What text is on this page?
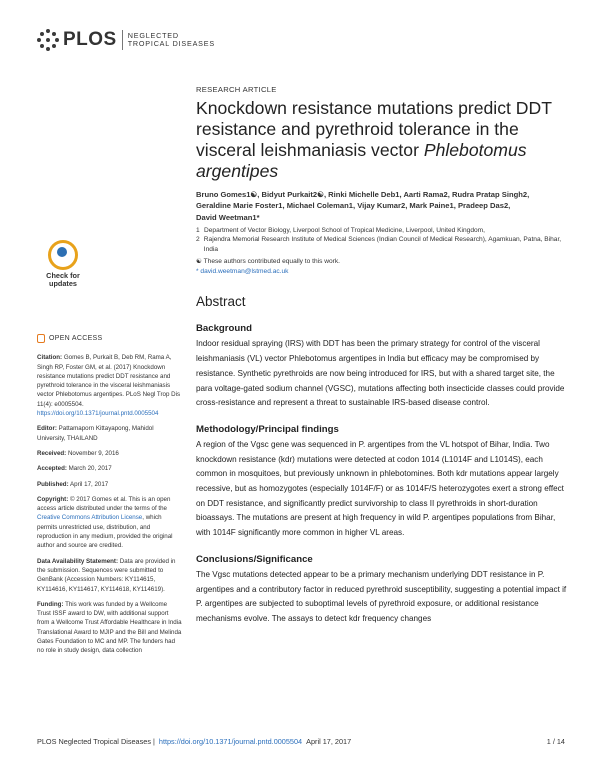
PLOS NEGLECTED
TROPICAL DISEASES
Check for
updates
OPEN ACCESS

Citation: Gomes B, Purkait B, Deb RM, Rama A, Singh RP, Foster GM, et al. (2017) Knockdown resistance mutations predict DDT resistance and pyrethroid tolerance in the visceral leishmaniasis vector Phlebotomus argentipes. PLoS Negl Trop Dis 11(4): e0005504. https://doi.org/10.1371/journal.pntd.0005504

Editor: Pattamaporn Kittayapong, Mahidol University, THAILAND

Received: November 9, 2016

Accepted: March 20, 2017

Published: April 17, 2017

Copyright: © 2017 Gomes et al. This is an open access article distributed under the terms of the Creative Commons Attribution License, which permits unrestricted use, distribution, and reproduction in any medium, provided the original author and source are credited.

Data Availability Statement: Data are provided in the submission. Sequences were submitted to GenBank (Accession Numbers: KY114615, KY114616, KY114617, KY114618, KY114619).

Funding: This work was funded by a Wellcome Trust ISSF award to DW, with additional support from a Wellcome Trust Affordable Healthcare in India Translational Award to MJIP and the Bill and Melinda Gates Foundation to MC and MP. The funders had no role in study design, data collection

RESEARCH ARTICLE
Knockdown resistance mutations predict DDT resistance and pyrethroid tolerance in the visceral leishmaniasis vector Phlebotomus argentipes
Bruno Gomes1☯, Bidyut Purkait2☯, Rinki Michelle Deb1, Aarti Rama2, Rudra Pratap Singh2,
Geraldine Marie Foster1, Michael Coleman1, Vijay Kumar2, Mark Paine1, Pradeep Das2,
David Weetman1*
1 Department of Vector Biology, Liverpool School of Tropical Medicine, Liverpool, United Kingdom,
2 Rajendra Memorial Research Institute of Medical Sciences (Indian Council of Medical Research), Agamkuan, Patna, Bihar, India
☯ These authors contributed equally to this work.
* david.weetman@lstmed.ac.uk
Abstract
Background
Indoor residual spraying (IRS) with DDT has been the primary strategy for control of the visceral leishmaniasis (VL) vector Phlebotomus argentipes in India but efficacy may be compromised by resistance. Synthetic pyrethroids are now being introduced for IRS, but with a shared target site, the para voltage-gated sodium channel (VGSC), mutations affecting both insecticide classes could provide cross-resistance and represent a threat to sustainable IRS-based disease control.
Methodology/Principal findings
A region of the Vgsc gene was sequenced in P. argentipes from the VL hotspot of Bihar, India. Two knockdown resistance (kdr) mutations were detected at codon 1014 (L1014F and L1014S), each common in mosquitoes, but previously unknown in phlebotomines. Both kdr mutations appear largely recessive, but as homozygotes (especially 1014F/F) or as 1014F/S heterozygotes exert a strong effect on DDT resistance, and significantly predict survivorship to class II pyrethroids in short-duration bioassays. The mutations are present at high frequency in wild P. argentipes populations from Bihar, with 1014F significantly more common in higher VL areas.
Conclusions/Significance
The Vgsc mutations detected appear to be a primary mechanism underlying DDT resistance in P. argentipes and a contributory factor in reduced pyrethroid susceptibility, suggesting a potential impact if P. argentipes are subjected to suboptimal levels of pyrethroid exposure, or additional resistance mechanisms evolve. The assays to detect kdr frequency changes
PLOS Neglected Tropical Diseases | https://doi.org/10.1371/journal.pntd.0005504 April 17, 2017	1 / 14
